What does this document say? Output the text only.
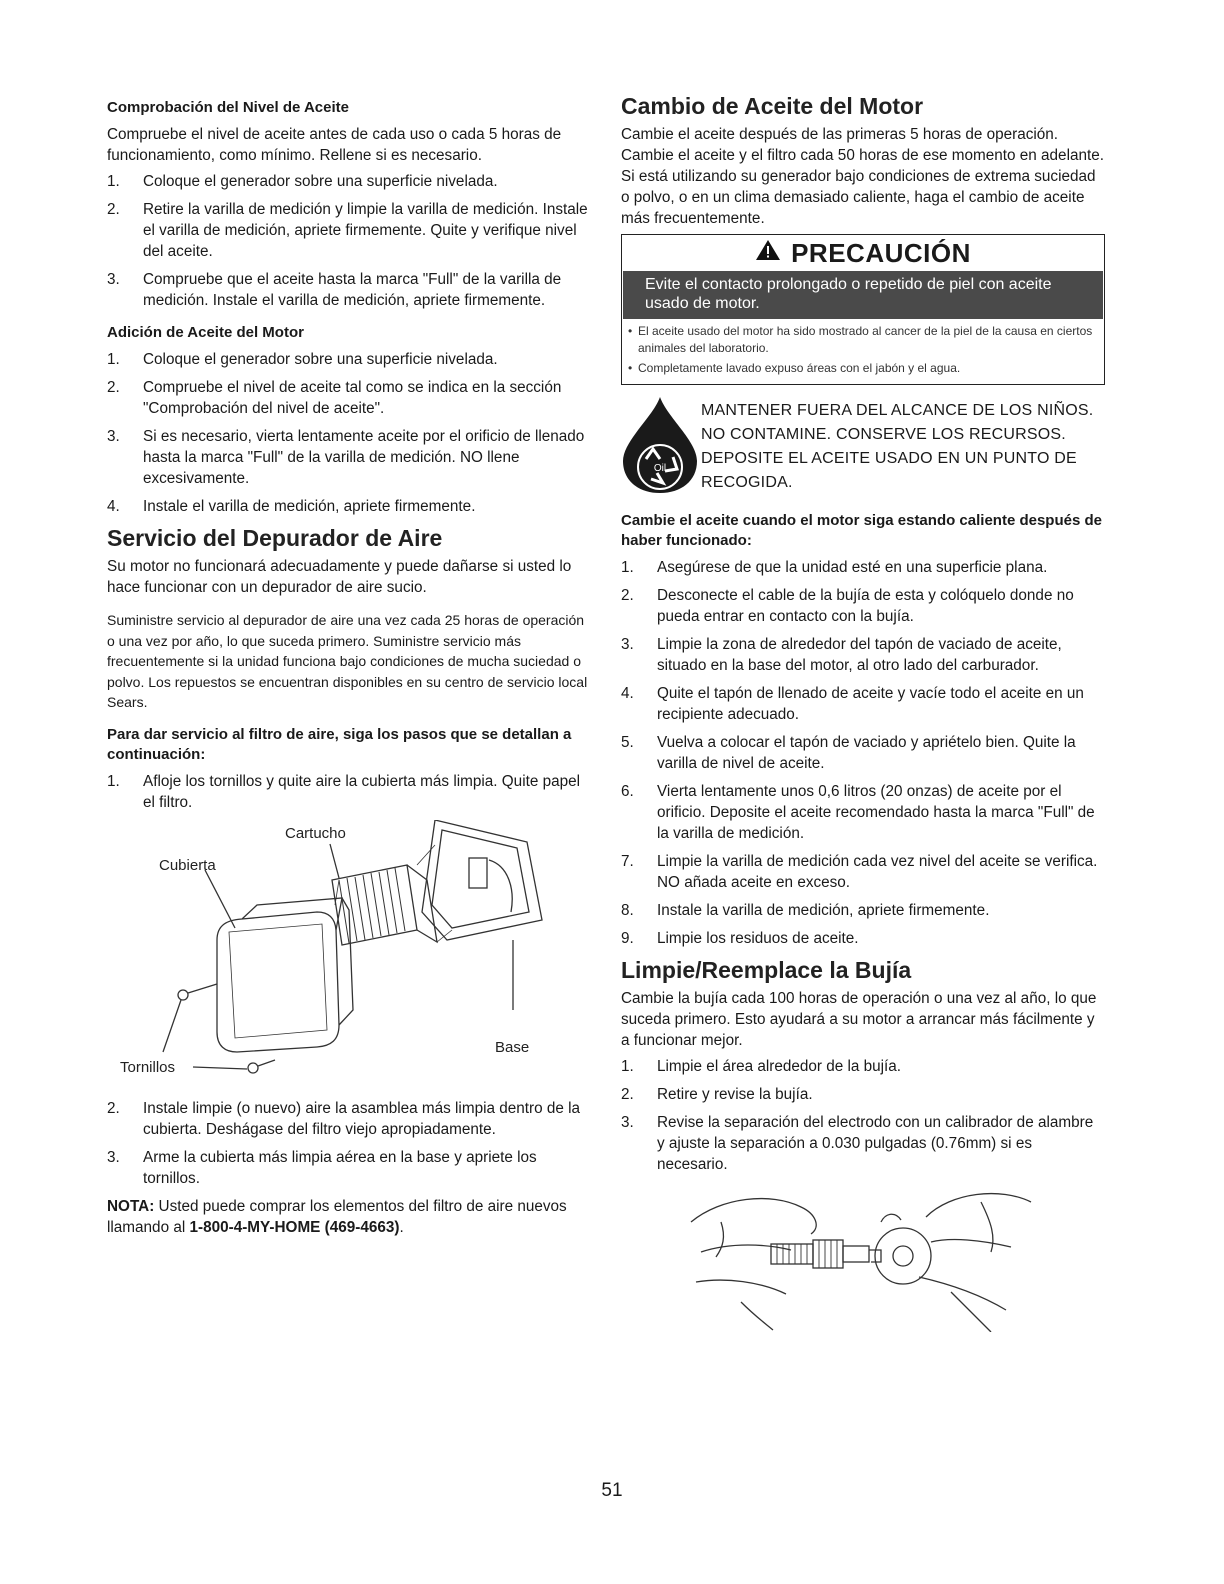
Comprobación del Nivel de Aceite

Compruebe el nivel de aceite antes de cada uso o cada 5 horas de funcionamiento, como mínimo. Rellene si es necesario.

1. Coloque el generador sobre una superficie nivelada.
2. Retire la varilla de medición y limpie la varilla de medición. Instale el varilla de medición, apriete firmemente. Quite y verifique nivel del aceite.
3. Compruebe que el aceite hasta la marca "Full" de la varilla de medición. Instale el varilla de medición, apriete firmemente.
Adición de Aceite del Motor
1. Coloque el generador sobre una superficie nivelada.
2. Compruebe el nivel de aceite tal como se indica en la sección "Comprobación del nivel de aceite".
3. Si es necesario, vierta lentamente aceite por el orificio de llenado hasta la marca "Full" de la varilla de medición. NO llene excesivamente.
4. Instale el varilla de medición, apriete firmemente.
Servicio del Depurador de Aire

Su motor no funcionará adecuadamente y puede dañarse si usted lo hace funcionar con un depurador de aire sucio.

Suministre servicio al depurador de aire una vez cada 25 horas de operación o una vez por año, lo que suceda primero. Suministre servicio más frecuentemente si la unidad funciona bajo condiciones de mucha suciedad o polvo. Los repuestos se encuentran disponibles en su centro de servicio local Sears.

Para dar servicio al filtro de aire, siga los pasos que se detallan a continuación:
1. Afloje los tornillos y quite aire la cubierta más limpia. Quite papel el filtro.
Cartucho
Cubierta
Tornillos
Base
2. Instale limpie (o nuevo) aire la asamblea más limpia dentro de la cubierta. Deshágase del filtro viejo apropiadamente.
3. Arme la cubierta más limpia aérea en la base y apriete los tornillos.

NOTA: Usted puede comprar los elementos del filtro de aire nuevos llamando al 1-800-4-MY-HOME (469-4663).

Cambio de Aceite del Motor

Cambie el aceite después de las primeras 5 horas de operación. Cambie el aceite y el filtro cada 50 horas de ese momento en adelante. Si está utilizando su generador bajo condiciones de extrema suciedad o polvo, o en un clima demasiado caliente, haga el cambio de aceite más frecuentemente.

PRECAUCIÓN
Evite el contacto prolongado o repetido de piel con aceite usado de motor.
• El aceite usado del motor ha sido mostrado al cancer de la piel de la causa en ciertos animales del laboratorio.
• Completamente lavado expuso áreas con el jabón y el agua.
Oil
MANTENER FUERA DEL ALCANCE DE LOS NIÑOS. NO CONTAMINE. CONSERVE LOS RECURSOS. DEPOSITE EL ACEITE USADO EN UN PUNTO DE RECOGIDA.
Cambie el aceite cuando el motor siga estando caliente después de haber funcionado:
1. Asegúrese de que la unidad esté en una superficie plana.
2. Desconecte el cable de la bujía de esta y colóquelo donde no pueda entrar en contacto con la bujía.
3. Limpie la zona de alrededor del tapón de vaciado de aceite, situado en la base del motor, al otro lado del carburador.
4. Quite el tapón de llenado de aceite y vacíe todo el aceite en un recipiente adecuado.
5. Vuelva a colocar el tapón de vaciado y apriételo bien. Quite la varilla de nivel de aceite.
6. Vierta lentamente unos 0,6 litros (20 onzas) de aceite por el orificio. Deposite el aceite recomendado hasta la marca "Full" de la varilla de medición.
7. Limpie la varilla de medición cada vez nivel del aceite se verifica. NO añada aceite en exceso.
8. Instale la varilla de medición, apriete firmemente.
9. Limpie los residuos de aceite.
Limpie/Reemplace la Bujía

Cambie la bujía cada 100 horas de operación o una vez al año, lo que suceda primero. Esto ayudará a su motor a arrancar más fácilmente y a funcionar mejor.

1. Limpie el área alrededor de la bujía.
2. Retire y revise la bujía.
3. Revise la separación del electrodo con un calibrador de alambre y ajuste la separación a 0.030 pulgadas (0.76mm) si es necesario.
51
